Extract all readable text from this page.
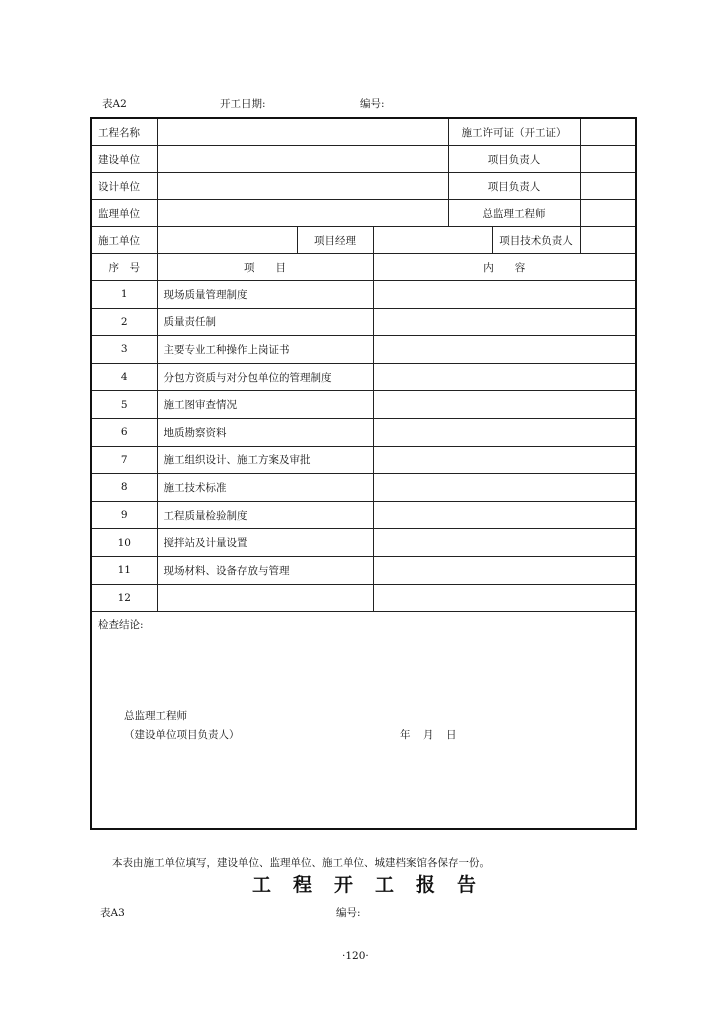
表A2	开工日期:	编号:
工程名称				施工许可证（开工证）		
建设单位				项目负责人		
设计单位				项目负责人		
监理单位				总监理工程师		
施工单位		项目经理			项目技术负责人	
序　号	项　　目		内　　容			
1	现场质量管理制度					
2	质量责任制					
3	主要专业工种操作上岗证书					
4	分包方资质与对分包单位的管理制度					
5	施工图审查情况					
6	地质勘察资料					
7	施工组织设计、施工方案及审批					
8	施工技术标准					
9	工程质量检验制度					
10	搅拌站及计量设置					
11	现场材料、设备存放与管理					
12						

检查结论:
总监理工程师
（建设单位项目负责人） 年　月　日						
本表由施工单位填写，建设单位、监理单位、施工单位、城建档案馆各保存一份。
工程开工报告
表A3	编号:
·120·
